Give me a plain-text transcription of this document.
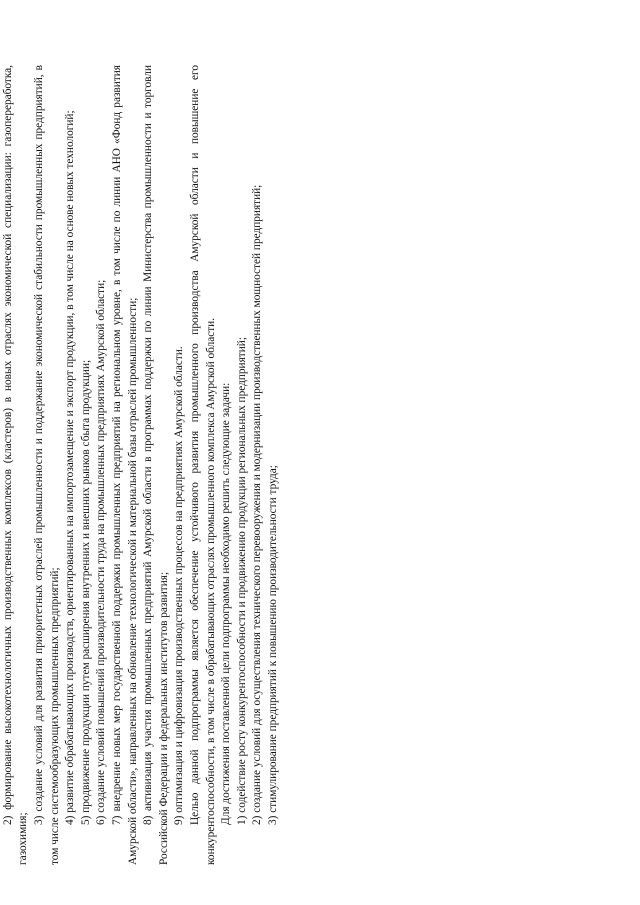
2) формирование высокотехнологичных производственных комплексов (кластеров) в новых отраслях экономической специализации: газопереработка, газохимия;

3) создание условий для развития приоритетных отраслей промышленности и поддержание экономической стабильности промышленных предприятий, в том числе системообразующих промышленных предприятий; 4) развитие обрабатывающих производств, ориентированных на импортозамещение и экспорт продукции, в том числе на основе новых технологий; 5) продвижение продукции путем расширения внутренних и внешних рынков сбыта продукции; 6) создание условий повышений производительности труда на промышленных предприятиях Амурской области; 7) внедрение новых мер государственной поддержки промышленных предприятий на региональном уровне, в том числе по линии АНО «Фонд развития Амурской области», направленных на обновление технологической и материальной базы отраслей промышленности; 8) активизация участия промышленных предприятий Амурской области в программах поддержки по линии Министерства промышленности и торговли Российской Федерации и федеральных институтов развития; 9) оптимизация и цифровизация производственных процессов на предприятиях Амурской области. Целью данной подпрограммы является обеспечение устойчивого развития промышленного производства Амурской области и повышение его конкурентоспособности, в том числе в обрабатывающих отраслях промышленного комплекса Амурской области. Для достижения поставленной цели подпрограммы необходимо решить следующие задачи: 1) содействие росту конкурентоспособности и продвижению продукции региональных предприятий; 2) создание условий для осуществления технического перевооружения и модернизации производственных мощностей предприятий; 3) стимулирование предприятий к повышению производительности труда;
